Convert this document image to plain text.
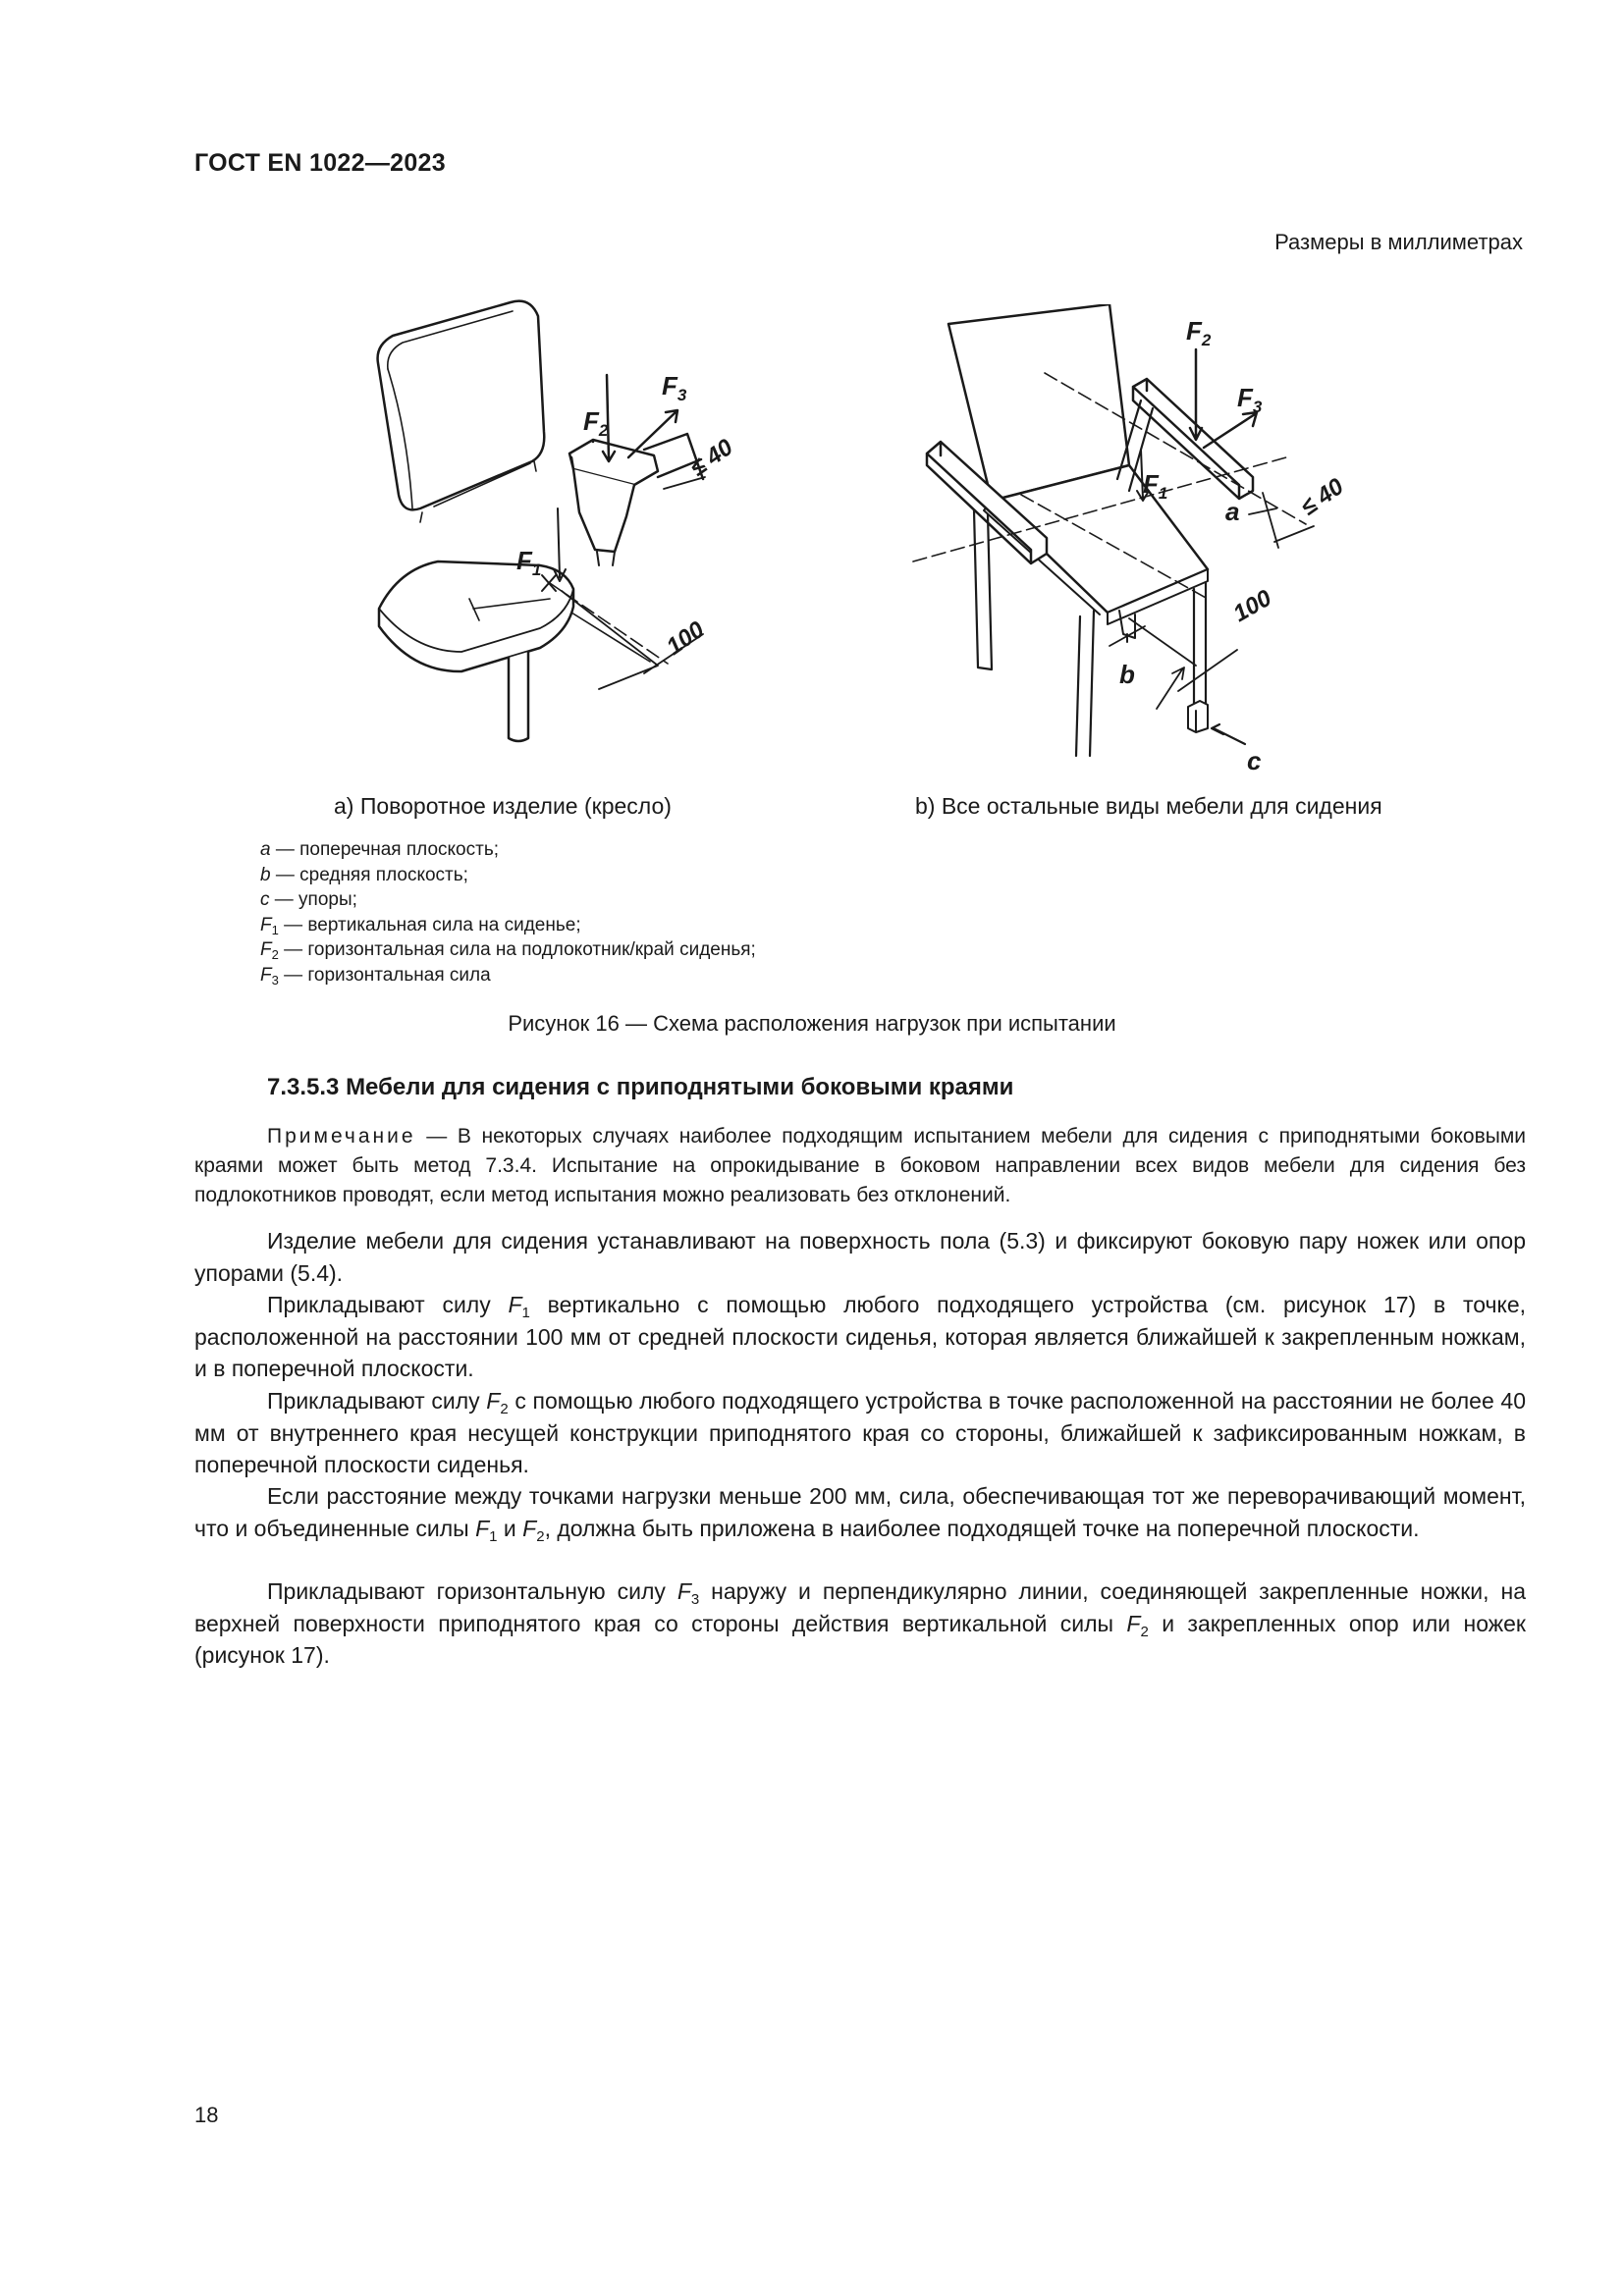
ГОСТ EN 1022—2023
Размеры в миллиметрах
$F_2$
$F_3$
$F_1$
≤ 40
100
$F_2$
$F_3$
$F_1$
a ≤ 40
100
b
c
a) Поворотное изделие (кресло)	b) Все остальные виды мебели для сидения
a — поперечная плоскость;
b — средняя плоскость;
c — упоры;
$F_1$ — вертикальная сила на сиденье;
$F_2$ — горизонтальная сила на подлокотник/край сиденья;
$F_3$ — горизонтальная сила
Рисунок 16 — Схема расположения нагрузок при испытании
7.3.5.3 Мебели для сидения с приподнятыми боковыми краями
Примечание — В некоторых случаях наиболее подходящим испытанием мебели для сидения с приподнятыми боковыми краями может быть метод 7.3.4. Испытание на опрокидывание в боковом направлении всех видов мебели для сидения без подлокотников проводят, если метод испытания можно реализовать без отклонений.
Изделие мебели для сидения устанавливают на поверхность пола (5.3) и фиксируют боковую пару ножек или опор упорами (5.4).
Прикладывают силу $F_1$ вертикально с помощью любого подходящего устройства (см. рисунок 17) в точке, расположенной на расстоянии 100 мм от средней плоскости сиденья, которая является ближайшей к закрепленным ножкам, и в поперечной плоскости.
Прикладывают силу $F_2$ с помощью любого подходящего устройства в точке расположенной на расстоянии не более 40 мм от внутреннего края несущей конструкции приподнятого края со стороны, ближайшей к зафиксированным ножкам, в поперечной плоскости сиденья.
Если расстояние между точками нагрузки меньше 200 мм, сила, обеспечивающая тот же переворачивающий момент, что и объединенные силы $F_1$ и $F_2$, должна быть приложена в наиболее подходящей точке на поперечной плоскости.
Прикладывают горизонтальную силу $F_3$ наружу и перпендикулярно линии, соединяющей закрепленные ножки, на верхней поверхности приподнятого края со стороны действия вертикальной силы $F_2$ и закрепленных опор или ножек (рисунок 17).
18
